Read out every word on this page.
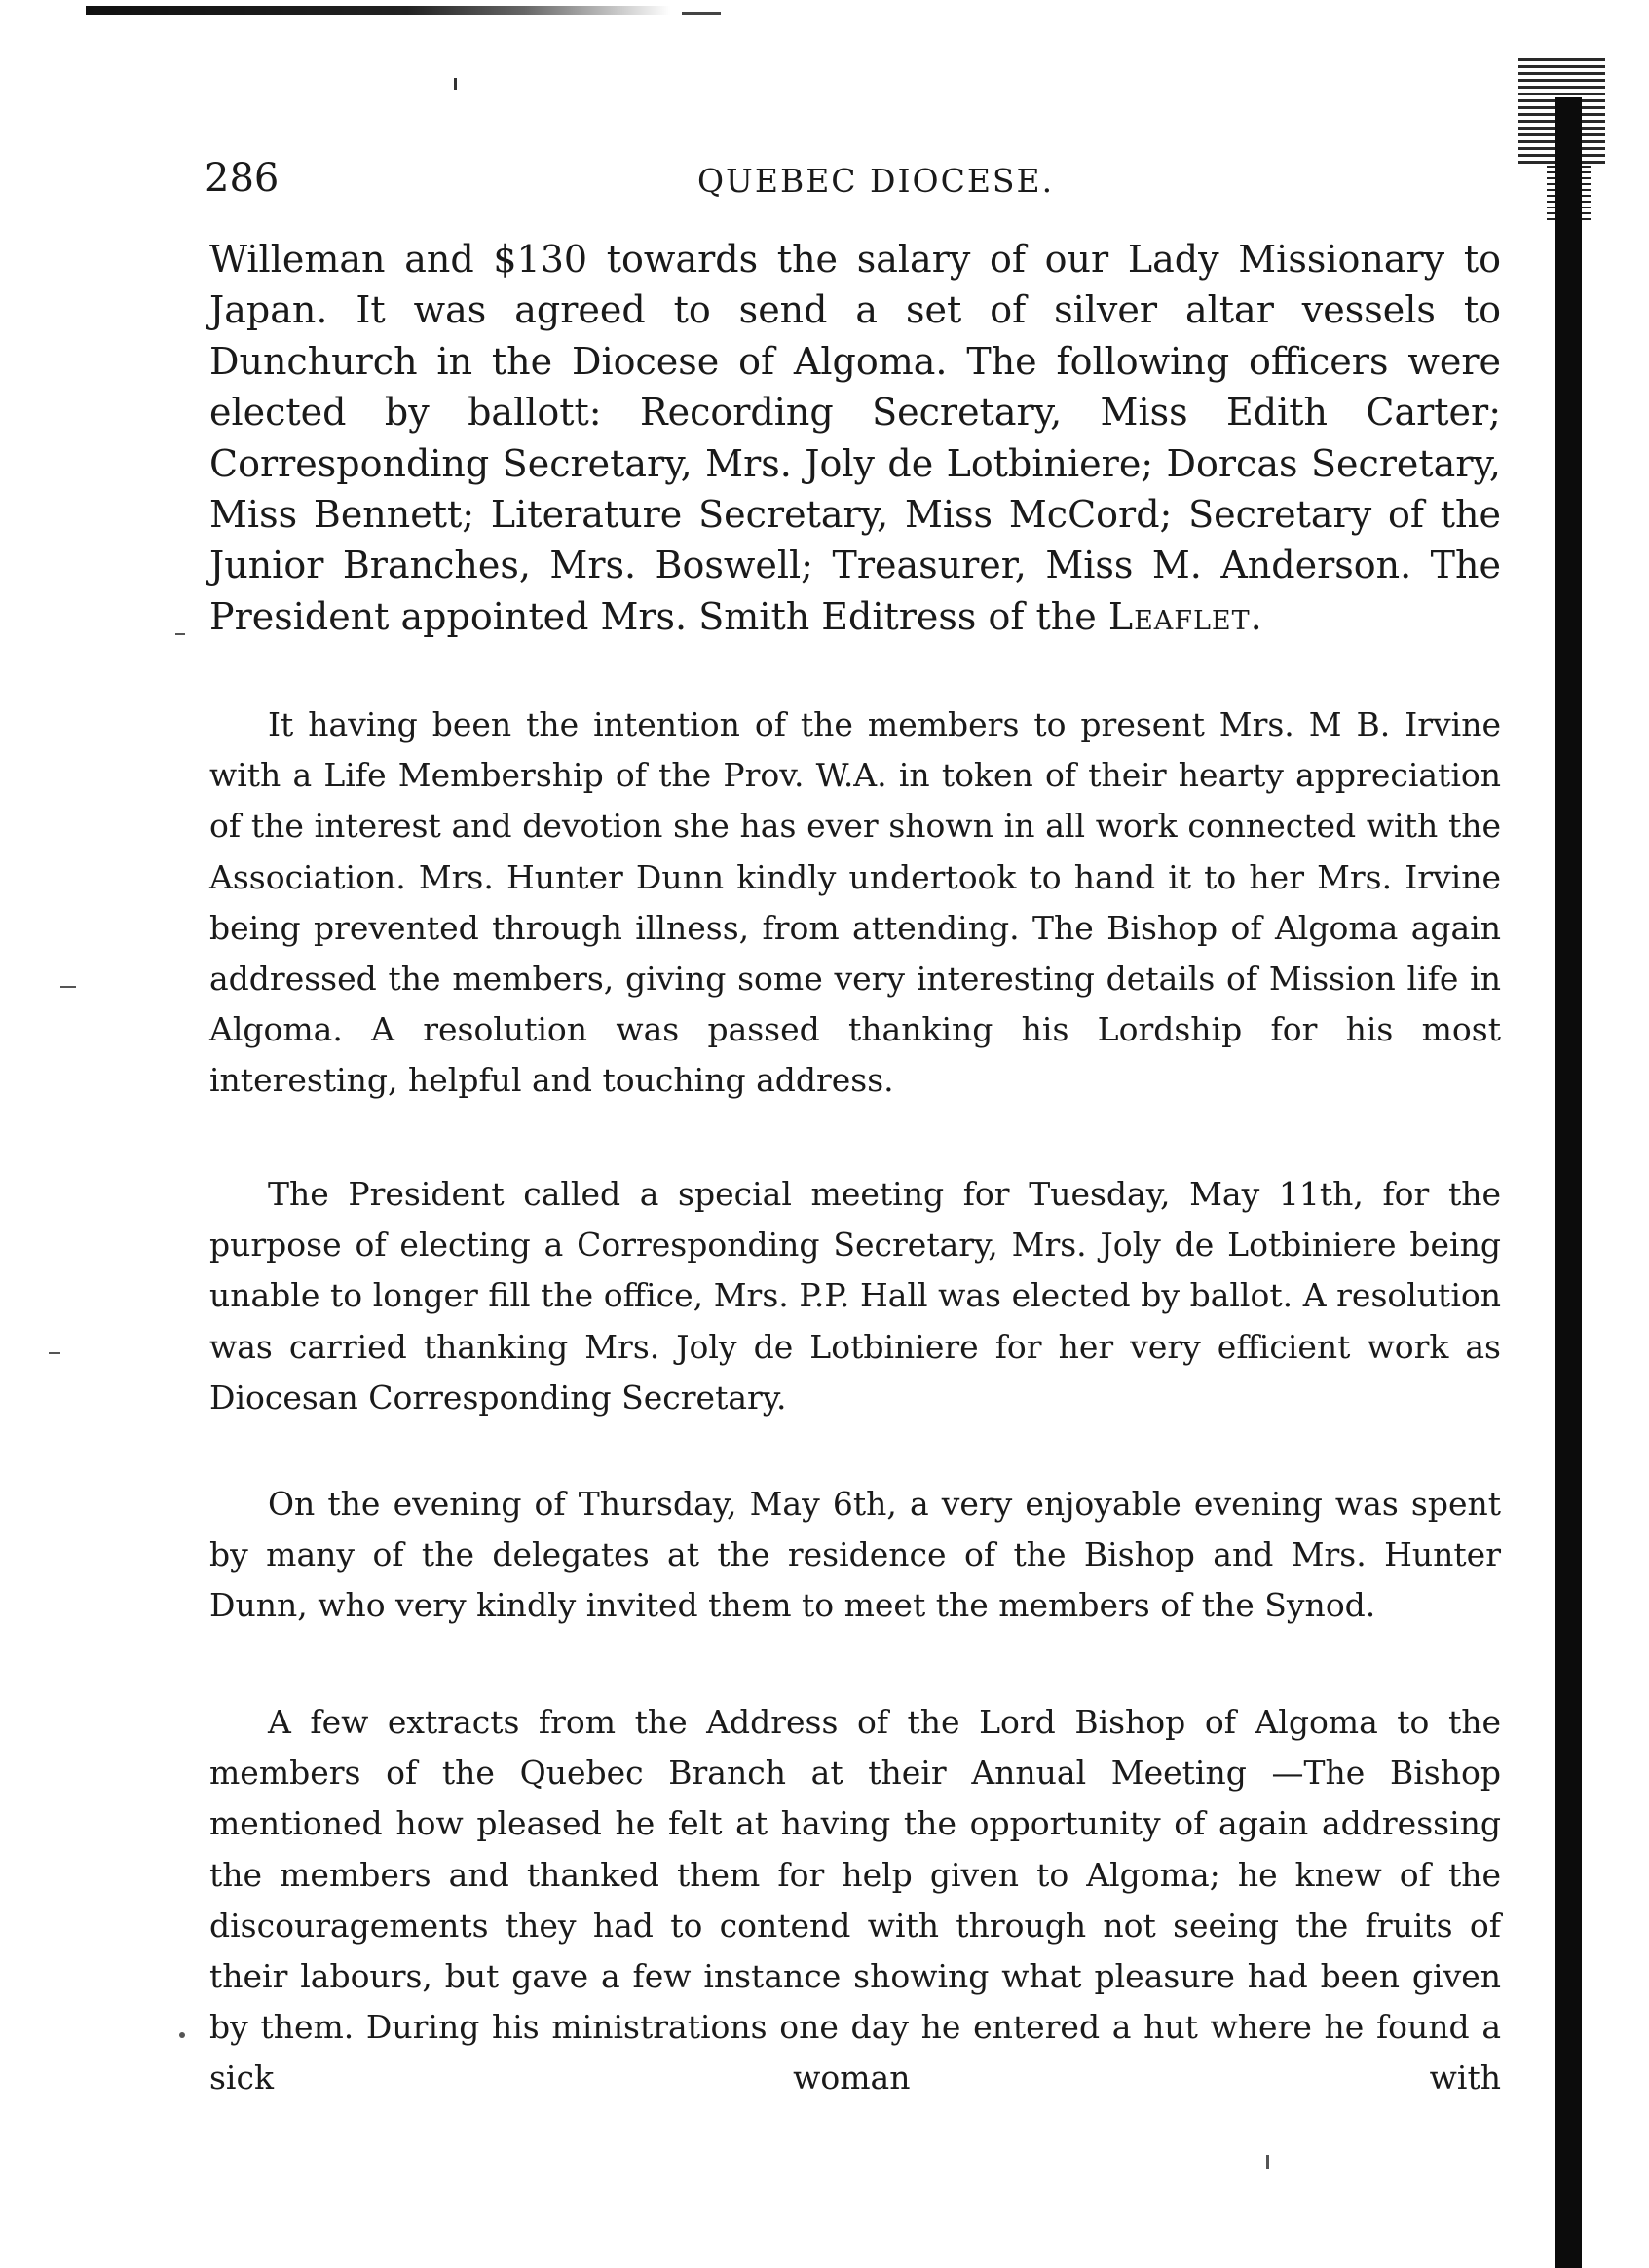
286	QUEBEC DIOCESE.

Willeman and $130 towards the salary of our Lady Missionary to Japan. It was agreed to send a set of silver altar vessels to Dunchurch in the Diocese of Algoma. The following officers were elected by ballott: Recording Secretary, Miss Edith Carter; Corresponding Secretary, Mrs. Joly de Lotbiniere; Dorcas Secretary, Miss Bennett; Literature Secretary, Miss McCord; Secretary of the Junior Branches, Mrs. Boswell; Treasurer, Miss M. Anderson. The President appointed Mrs. Smith Editress of the Leaflet.

It having been the intention of the members to present Mrs. M B. Irvine with a Life Membership of the Prov. W.A. in token of their hearty appreciation of the interest and devotion she has ever shown in all work connected with the Association. Mrs. Hunter Dunn kindly undertook to hand it to her Mrs. Irvine being prevented through illness, from attending. The Bishop of Algoma again addressed the members, giving some very interesting details of Mission life in Algoma. A resolution was passed thanking his Lordship for his most interesting, helpful and touching address.

The President called a special meeting for Tuesday, May 11th, for the purpose of electing a Corresponding Secretary, Mrs. Joly de Lotbiniere being unable to longer fill the office, Mrs. P.P. Hall was elected by ballot. A resolution was carried thanking Mrs. Joly de Lotbiniere for her very efficient work as Diocesan Corresponding Secretary.

On the evening of Thursday, May 6th, a very enjoyable evening was spent by many of the delegates at the residence of the Bishop and Mrs. Hunter Dunn, who very kindly invited them to meet the members of the Synod.

A few extracts from the Address of the Lord Bishop of Algoma to the members of the Quebec Branch at their Annual Meeting —The Bishop mentioned how pleased he felt at having the opportunity of again addressing the members and thanked them for help given to Algoma; he knew of the discouragements they had to contend with through not seeing the fruits of their labours, but gave a few instance showing what pleasure had been given by them. During his ministrations one day he entered a hut where he found a sick woman with
